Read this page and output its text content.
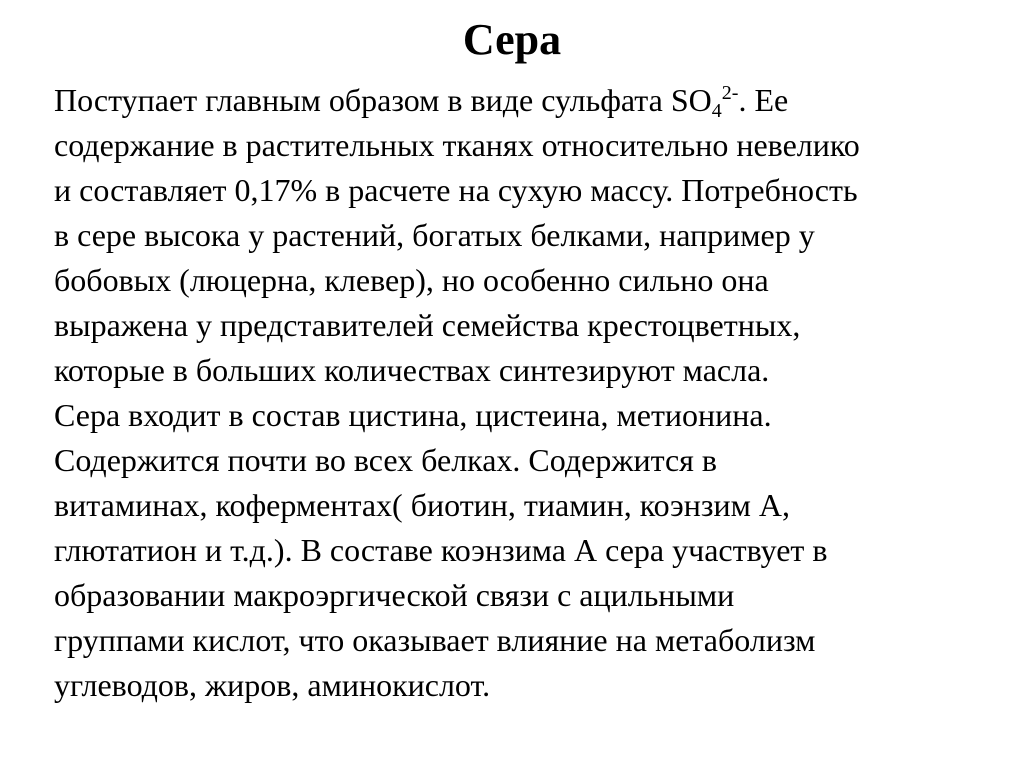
Сера
Поступает главным образом в виде сульфата $SO_4^{2-}$. Ее
содержание в растительных тканях относительно невелико
и составляет 0,17% в расчете на сухую массу. Потребность
в сере высока у растений, богатых белками, например у
бобовых (люцерна, клевер), но особенно сильно она
выражена у представителей семейства крестоцветных,
которые в больших количествах синтезируют масла.
Сера входит в состав цистина, цистеина, метионина.
Содержится почти во всех белках. Содержится в
витаминах, коферментах( биотин, тиамин, коэнзим А,
глютатион и т.д.). В составе коэнзима А сера участвует в
образовании макроэргической связи с ацильными
группами кислот, что оказывает влияние на метаболизм
углеводов, жиров, аминокислот.
